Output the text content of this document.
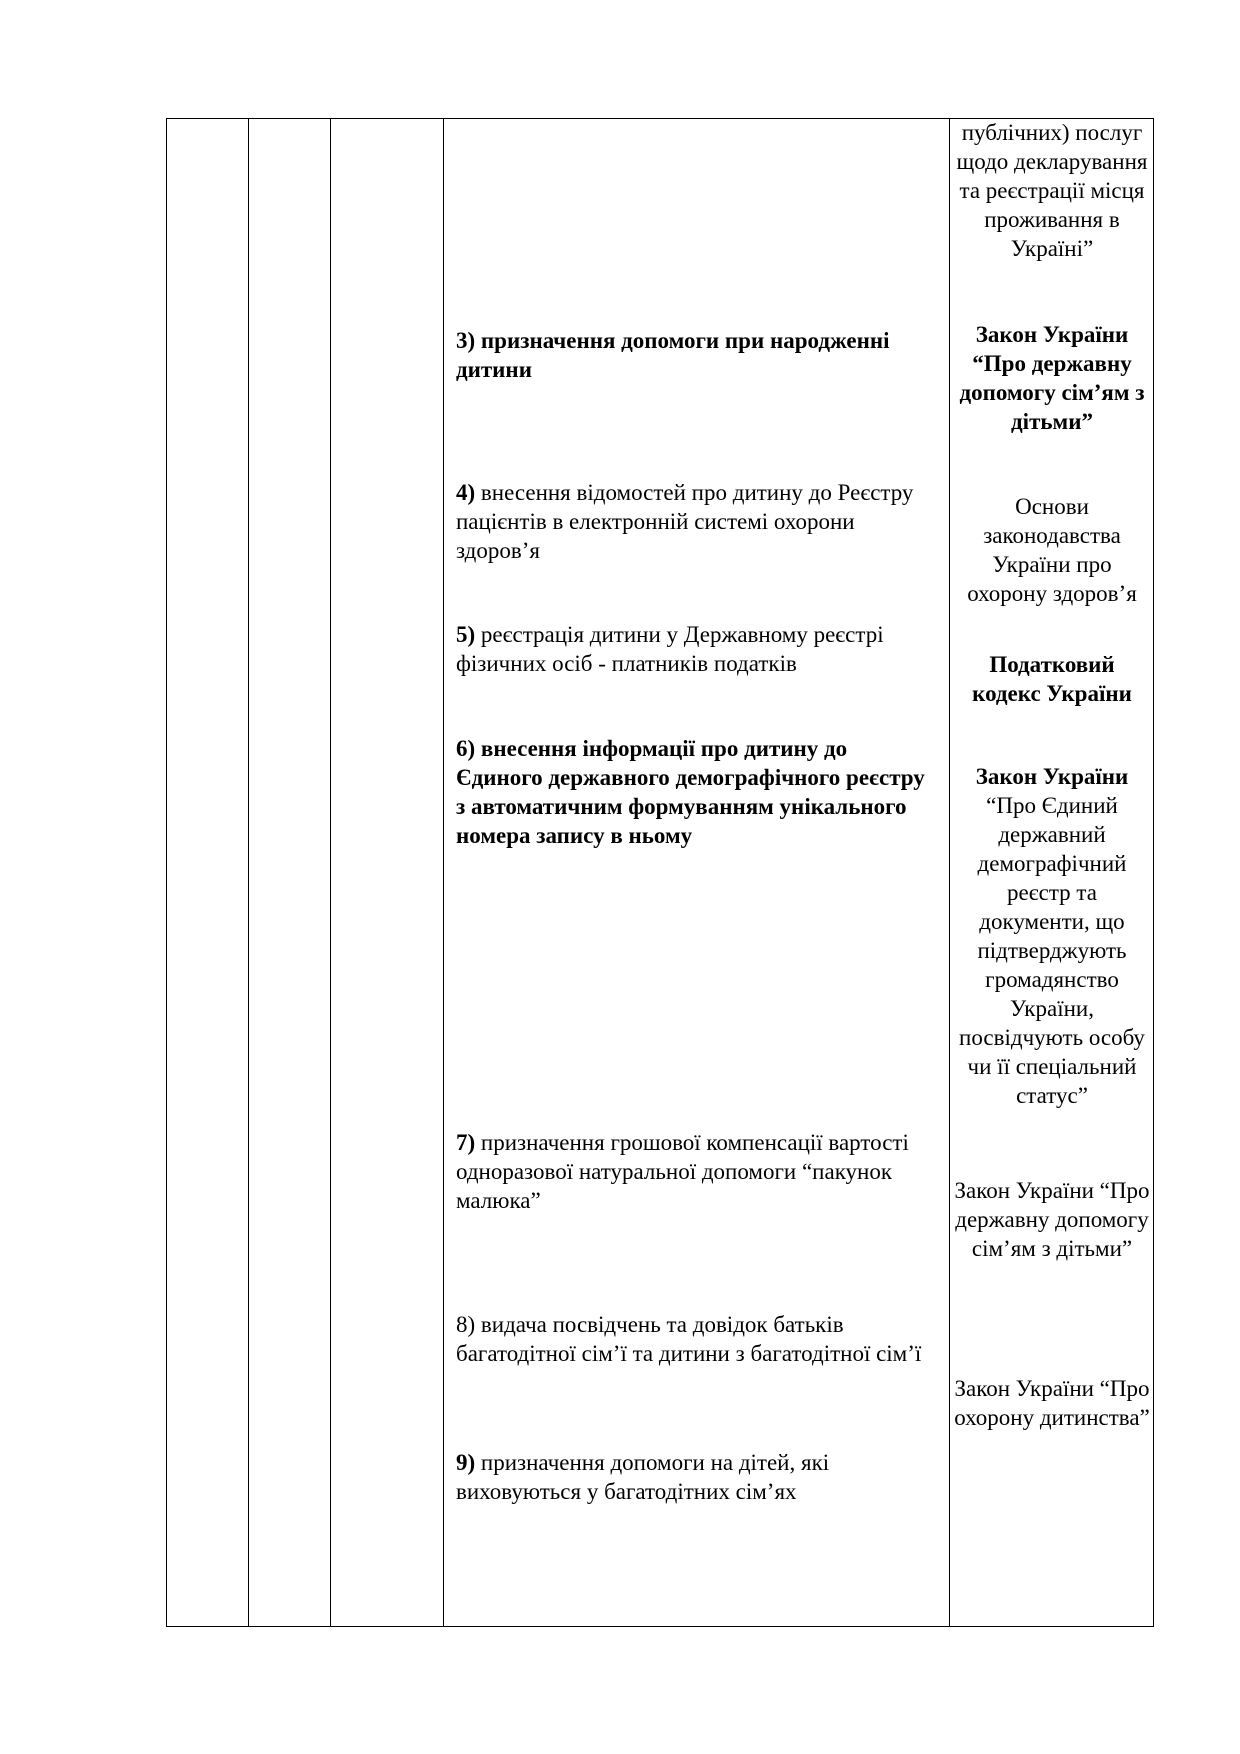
публічних) послуг щодо декларування та реєстрації місця проживання в Україні”
3) призначення допомоги при народженні дитини
Закон України “Про державну допомогу сім’ям з дітьми”
4) внесення відомостей про дитину до Реєстру пацієнтів в електронній системі охорони здоров’я
Основи законодавства України про охорону здоров’я
5) реєстрація дитини у Державному реєстрі фізичних осіб - платників податків	Податковий кодекс України
6) внесення інформації про дитину до Єдиного державного демографічного реєстру з автоматичним формуванням унікального номера запису в ньому
Закон України “Про Єдиний державний демографічний реєстр та документи, що підтверджують громадянство України, посвідчують особу чи її спеціальний статус”
7) призначення грошової компенсації вартості одноразової натуральної допомоги “пакунок малюка”	Закон України “Про державну допомогу сім’ям з дітьми”
8) видача посвідчень та довідок батьків багатодітної сім’ї та дитини з багатодітної сім’ї
Закон України “Про охорону дитинства”
9) призначення допомоги на дітей, які виховуються у багатодітних сім’ях
